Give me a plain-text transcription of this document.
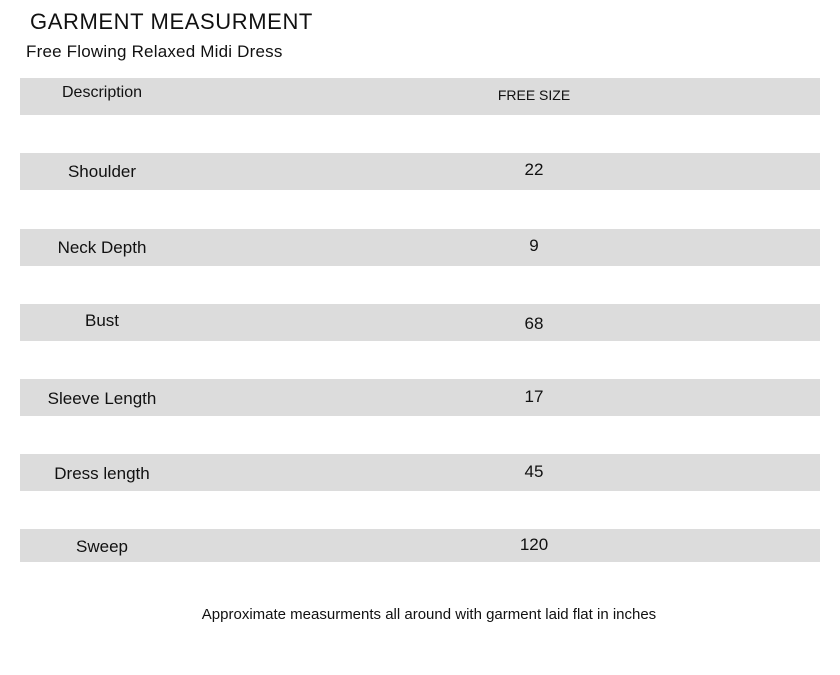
GARMENT MEASURMENT
Free Flowing Relaxed Midi Dress
Description	FREE SIZE
Shoulder	22
Neck Depth	9
Bust	68
Sleeve Length	17
Dress length	45
Sweep	120
Approximate measurments all around with garment laid flat in inches
